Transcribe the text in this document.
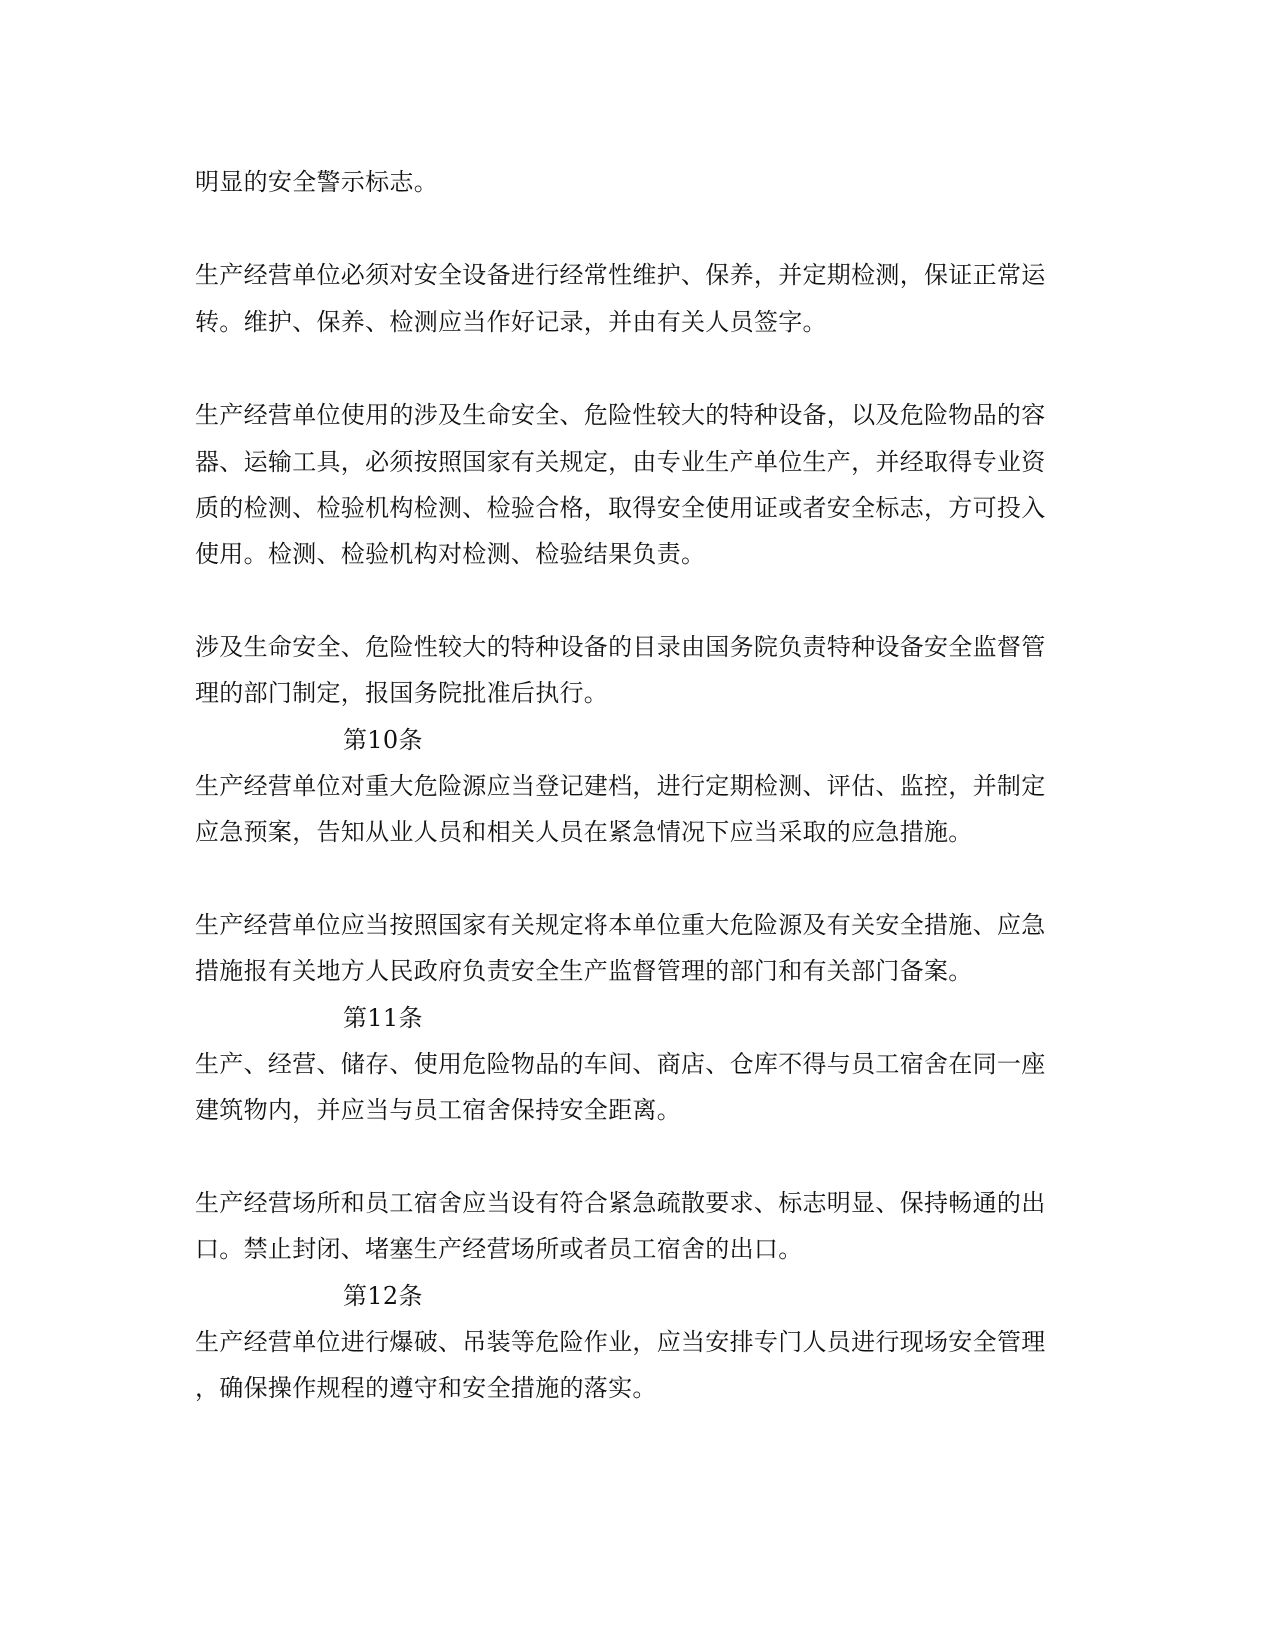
明显的安全警示标志。
生产经营单位必须对安全设备进行经常性维护、保养，并定期检测，保证正常运
转。维护、保养、检测应当作好记录，并由有关人员签字。
生产经营单位使用的涉及生命安全、危险性较大的特种设备，以及危险物品的容
器、运输工具，必须按照国家有关规定，由专业生产单位生产，并经取得专业资
质的检测、检验机构检测、检验合格，取得安全使用证或者安全标志，方可投入
使用。检测、检验机构对检测、检验结果负责。
涉及生命安全、危险性较大的特种设备的目录由国务院负责特种设备安全监督管
理的部门制定，报国务院批准后执行。
第10条
生产经营单位对重大危险源应当登记建档，进行定期检测、评估、监控，并制定
应急预案，告知从业人员和相关人员在紧急情况下应当采取的应急措施。
生产经营单位应当按照国家有关规定将本单位重大危险源及有关安全措施、应急
措施报有关地方人民政府负责安全生产监督管理的部门和有关部门备案。
第11条
生产、经营、储存、使用危险物品的车间、商店、仓库不得与员工宿舍在同一座
建筑物内，并应当与员工宿舍保持安全距离。
生产经营场所和员工宿舍应当设有符合紧急疏散要求、标志明显、保持畅通的出
口。禁止封闭、堵塞生产经营场所或者员工宿舍的出口。
第12条
生产经营单位进行爆破、吊装等危险作业，应当安排专门人员进行现场安全管理
，确保操作规程的遵守和安全措施的落实。
